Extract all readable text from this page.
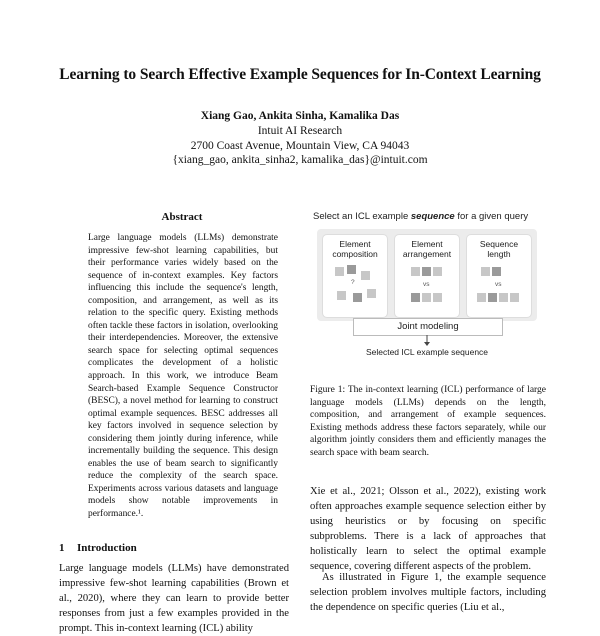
Learning to Search Effective Example Sequences for In-Context Learning
Xiang Gao, Ankita Sinha, Kamalika Das
Intuit AI Research
2700 Coast Avenue, Mountain View, CA 94043
{xiang_gao, ankita_sinha2, kamalika_das}@intuit.com
Abstract

Large language models (LLMs) demonstrate impressive few-shot learning capabilities, but their performance varies widely based on the sequence of in-context examples. Key factors influencing this include the sequence's length, composition, and arrangement, as well as its relation to the specific query. Existing methods often tackle these factors in isolation, overlooking their interdependencies. Moreover, the extensive search space for selecting optimal sequences complicates the development of a holistic approach. In this work, we introduce Beam Search-based Example Sequence Constructor (BESC), a novel method for learning to construct optimal example sequences. BESC addresses all key factors involved in sequence selection by considering them jointly during inference, while incrementally building the sequence. This design enables the use of beam search to significantly reduce the complexity of the search space. Experiments across various datasets and language models show notable improvements in performance.¹.

1 Introduction

Large language models (LLMs) have demonstrated impressive few-shot learning capabilities (Brown et al., 2020), where they can learn to provide better responses from just a few examples provided in the prompt. This in-context learning (ICL) ability

Select an ICL example sequence for a given query
Element
composition
?
Element
arrangement
vs
Sequence
length
vs
Joint modeling
Selected ICL example sequence

Figure 1: The in-context learning (ICL) performance of large language models (LLMs) depends on the length, composition, and arrangement of example sequences. Existing methods address these factors separately, while our algorithm jointly considers them and efficiently manages the search space with beam search.

Xie et al., 2021; Olsson et al., 2022), existing work often approaches example sequence selection either by using heuristics or by focusing on specific subproblems. There is a lack of approaches that holistically learn to select the optimal example sequence, covering different aspects of the problem.

As illustrated in Figure 1, the example sequence selection problem involves multiple factors, including the dependence on specific queries (Liu et al.,
